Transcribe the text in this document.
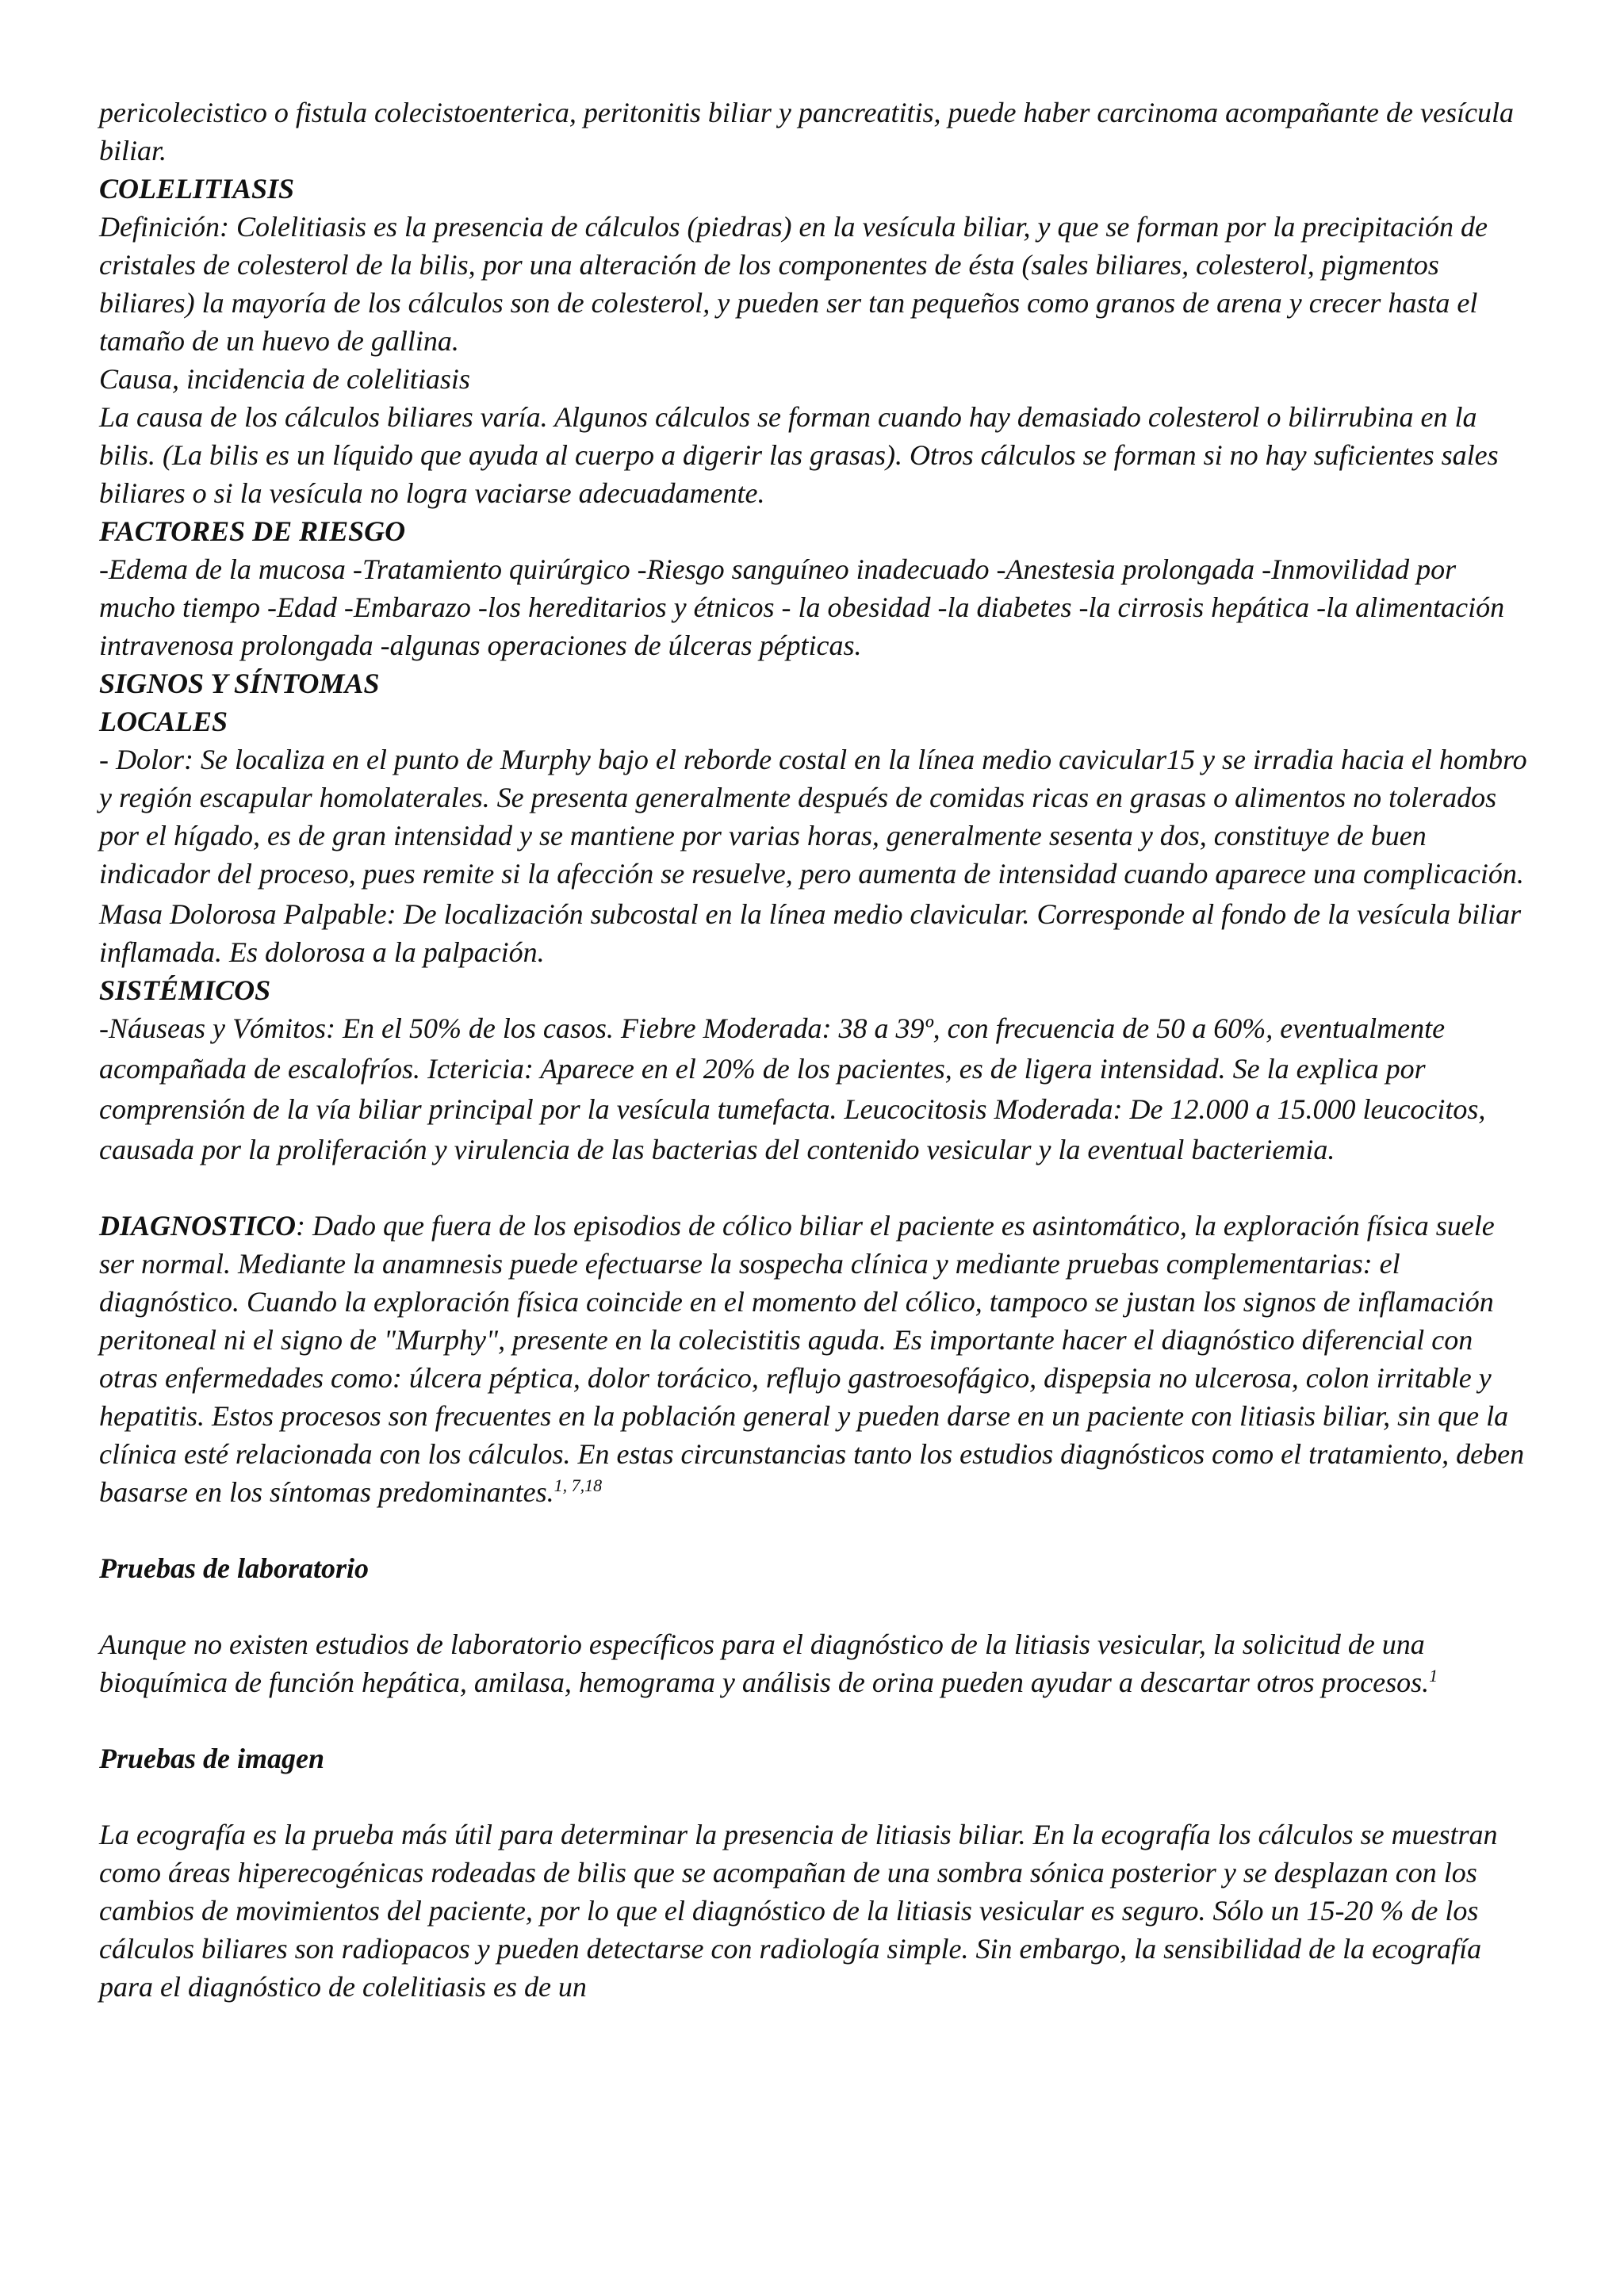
pericolecistico o fistula colecistoenterica, peritonitis biliar y pancreatitis, puede haber carcinoma acompañante de vesícula biliar.

COLELITIASIS

Definición: Colelitiasis es la presencia de cálculos (piedras) en la vesícula biliar, y que se forman por la precipitación de cristales de colesterol de la bilis, por una alteración de los componentes de ésta (sales biliares, colesterol, pigmentos biliares) la mayoría de los cálculos son de colesterol, y pueden ser tan pequeños como granos de arena y crecer hasta el tamaño de un huevo de gallina.

Causa, incidencia de colelitiasis

La causa de los cálculos biliares varía. Algunos cálculos se forman cuando hay demasiado colesterol o bilirrubina en la bilis. (La bilis es un líquido que ayuda al cuerpo a digerir las grasas). Otros cálculos se forman si no hay suficientes sales biliares o si la vesícula no logra vaciarse adecuadamente.

FACTORES DE RIESGO

-Edema de la mucosa -Tratamiento quirúrgico -Riesgo sanguíneo inadecuado -Anestesia prolongada -Inmovilidad por mucho tiempo -Edad -Embarazo -los hereditarios y étnicos - la obesidad -la diabetes -la cirrosis hepática -la alimentación intravenosa prolongada -algunas operaciones de úlceras pépticas.

SIGNOS Y SÍNTOMAS

LOCALES

- Dolor: Se localiza en el punto de Murphy bajo el reborde costal en la línea medio cavicular15 y se irradia hacia el hombro y región escapular homolaterales. Se presenta generalmente después de comidas ricas en grasas o alimentos no tolerados por el hígado, es de gran intensidad y se mantiene por varias horas, generalmente sesenta y dos, constituye de buen indicador del proceso, pues remite si la afección se resuelve, pero aumenta de intensidad cuando aparece una complicación. Masa Dolorosa Palpable: De localización subcostal en la línea medio clavicular. Corresponde al fondo de la vesícula biliar inflamada. Es dolorosa a la palpación.

SISTÉMICOS

-Náuseas y Vómitos: En el 50% de los casos. Fiebre Moderada: 38 a 39º, con frecuencia de 50 a 60%, eventualmente acompañada de escalofríos. Ictericia: Aparece en el 20% de los pacientes, es de ligera intensidad. Se la explica por comprensión de la vía biliar principal por la vesícula tumefacta. Leucocitosis Moderada: De 12.000 a 15.000 leucocitos, causada por la proliferación y virulencia de las bacterias del contenido vesicular y la eventual bacteriemia.

DIAGNOSTICO: Dado que fuera de los episodios de cólico biliar el paciente es asintomático, la exploración física suele ser normal. Mediante la anamnesis puede efectuarse la sospecha clínica y mediante pruebas complementarias: el diagnóstico. Cuando la exploración física coincide en el momento del cólico, tampoco se justan los signos de inflamación peritoneal ni el signo de "Murphy", presente en la colecistitis aguda. Es importante hacer el diagnóstico diferencial con otras enfermedades como: úlcera péptica, dolor torácico, reflujo gastroesofágico, dispepsia no ulcerosa, colon irritable y hepatitis. Estos procesos son frecuentes en la población general y pueden darse en un paciente con litiasis biliar, sin que la clínica esté relacionada con los cálculos. En estas circunstancias tanto los estudios diagnósticos como el tratamiento, deben basarse en los síntomas predominantes.$^{1, 7,18}$

Pruebas de laboratorio

Aunque no existen estudios de laboratorio específicos para el diagnóstico de la litiasis vesicular, la solicitud de una bioquímica de función hepática, amilasa, hemograma y análisis de orina pueden ayudar a descartar otros procesos.$^1$

Pruebas de imagen

La ecografía es la prueba más útil para determinar la presencia de litiasis biliar. En la ecografía los cálculos se muestran como áreas hiperecogénicas rodeadas de bilis que se acompañan de una sombra sónica posterior y se desplazan con los cambios de movimientos del paciente, por lo que el diagnóstico de la litiasis vesicular es seguro. Sólo un 15-20 % de los cálculos biliares son radiopacos y pueden detectarse con radiología simple. Sin embargo, la sensibilidad de la ecografía para el diagnóstico de colelitiasis es de un
